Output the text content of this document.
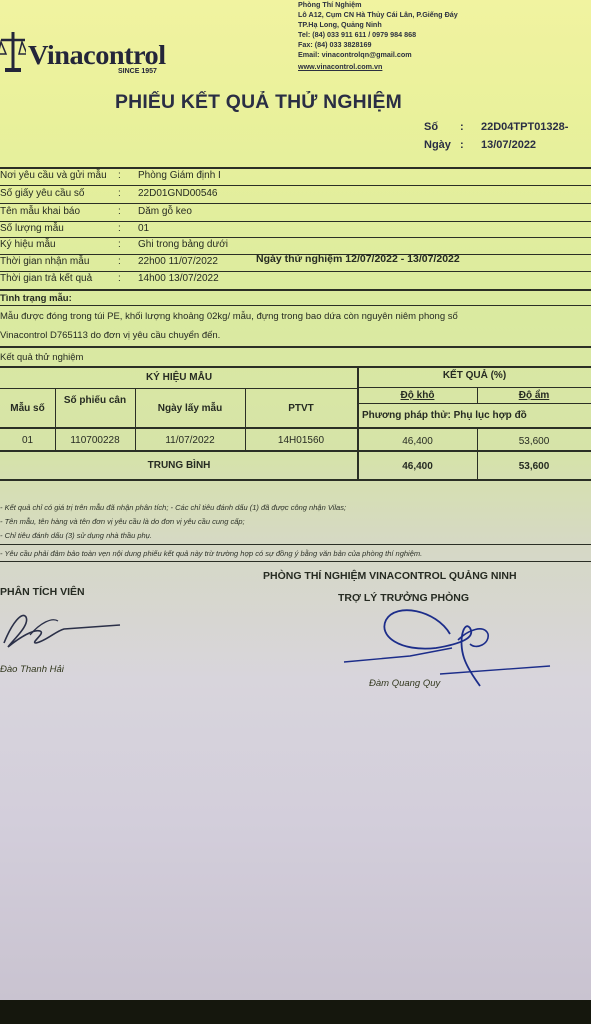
Vinacontrol
SINCE 1957
Phòng Thí Nghiệm
Lô A12, Cụm CN Hà Thủy Cái Lân, P.Giếng Đáy
TP.Hạ Long, Quảng Ninh
Tel: (84) 033 911 611 / 0979 984 868
Fax: (84) 033 3828169
Email: vinacontrolqn@gmail.com
www.vinacontrol.com.vn
PHIẾU KẾT QUẢ THỬ NGHIỆM
Số : 22D04TPT01328-
Ngày : 13/07/2022
Nơi yêu cầu và gửi mẫu : Phòng Giám định I
Số giấy yêu cầu số	: 22D01GND00546
Tên mẫu khai báo	: Dăm gỗ keo
Số lượng mẫu	: 01
Ký hiệu mẫu	: Ghi trong bảng dưới
Thời gian nhận mẫu	: 22h00 11/07/2022	Ngày thử nghiệm 12/07/2022 - 13/07/2022
Thời gian trả kết quả	: 14h00 13/07/2022
Tình trạng mẫu:
Mẫu được đóng trong túi PE, khối lượng khoảng 02kg/ mẫu, đựng trong bao dứa còn nguyên niêm phong số
Vinacontrol D765113 do đơn vị yêu cầu chuyển đến.
Kết quả thử nghiệm
KÝ HIỆU MẪU	KẾT QUẢ (%)
Mẫu số
Số phiếu cân
Ngày lấy mẫu	PTVT
Độ khô	Độ ẩm
Phương pháp thử: Phụ lục hợp đồ
01	110700228	11/07/2022	14H01560	46,400	53,600
TRUNG BÌNH	46,400	53,600
- Kết quả chỉ có giá trị trên mẫu đã nhận phân tích; - Các chỉ tiêu đánh dấu (1) đã được công nhận Vilas;
- Tên mẫu, tên hàng và tên đơn vị yêu cầu là do đơn vị yêu cầu cung cấp;
- Chỉ tiêu đánh dấu (3) sử dụng nhà thầu phụ.
- Yêu cầu phải đảm bảo toàn vẹn nội dung phiếu kết quả này trừ trường hợp có sự đồng ý bằng văn bản của phòng thí nghiệm.
PHÂN TÍCH VIÊN
PHÒNG THÍ NGHIỆM VINACONTROL QUẢNG NINH
TRỢ LÝ TRƯỞNG PHÒNG
Đào Thanh Hải
Đàm Quang Quy
